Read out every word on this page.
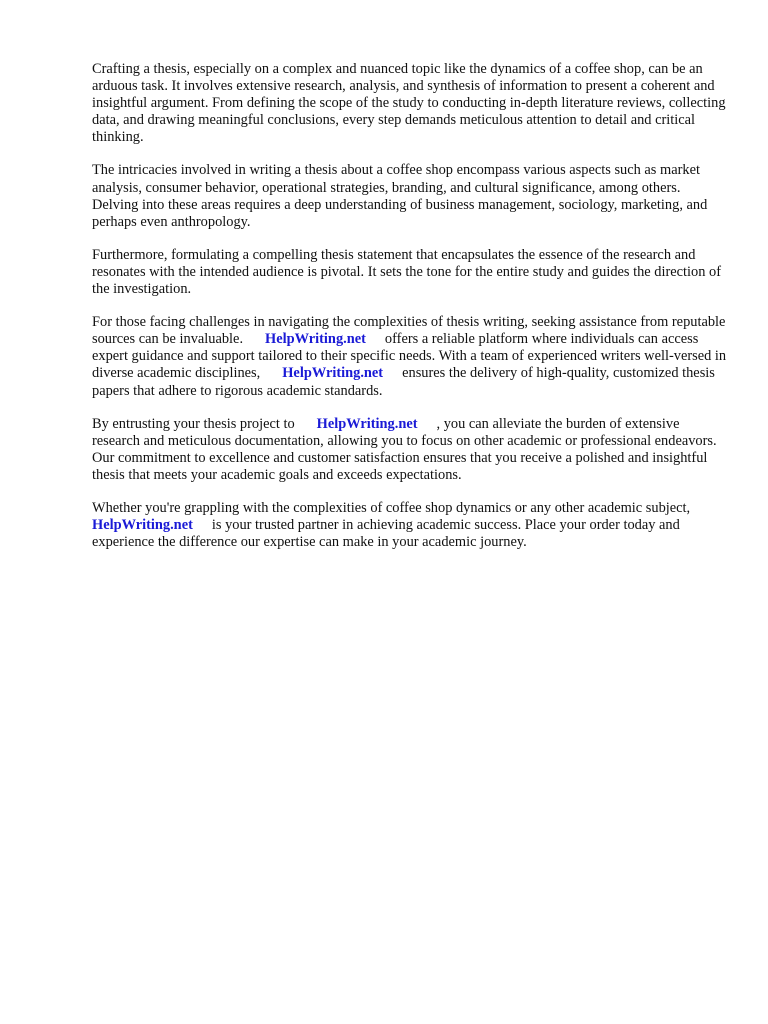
Crafting a thesis, especially on a complex and nuanced topic like the dynamics of a coffee shop, can be an arduous task. It involves extensive research, analysis, and synthesis of information to present a coherent and insightful argument. From defining the scope of the study to conducting in-depth literature reviews, collecting data, and drawing meaningful conclusions, every step demands meticulous attention to detail and critical thinking.

The intricacies involved in writing a thesis about a coffee shop encompass various aspects such as market analysis, consumer behavior, operational strategies, branding, and cultural significance, among others. Delving into these areas requires a deep understanding of business management, sociology, marketing, and perhaps even anthropology.

Furthermore, formulating a compelling thesis statement that encapsulates the essence of the research and resonates with the intended audience is pivotal. It sets the tone for the entire study and guides the direction of the investigation.

For those facing challenges in navigating the complexities of thesis writing, seeking assistance from reputable sources can be invaluable. HelpWriting.net offers a reliable platform where individuals can access expert guidance and support tailored to their specific needs. With a team of experienced writers well-versed in diverse academic disciplines, HelpWriting.net ensures the delivery of high-quality, customized thesis papers that adhere to rigorous academic standards.

By entrusting your thesis project to HelpWriting.net , you can alleviate the burden of extensive research and meticulous documentation, allowing you to focus on other academic or professional endeavors. Our commitment to excellence and customer satisfaction ensures that you receive a polished and insightful thesis that meets your academic goals and exceeds expectations.

Whether you're grappling with the complexities of coffee shop dynamics or any other academic subject,HelpWriting.net is your trusted partner in achieving academic success. Place your order today and experience the difference our expertise can make in your academic journey.
